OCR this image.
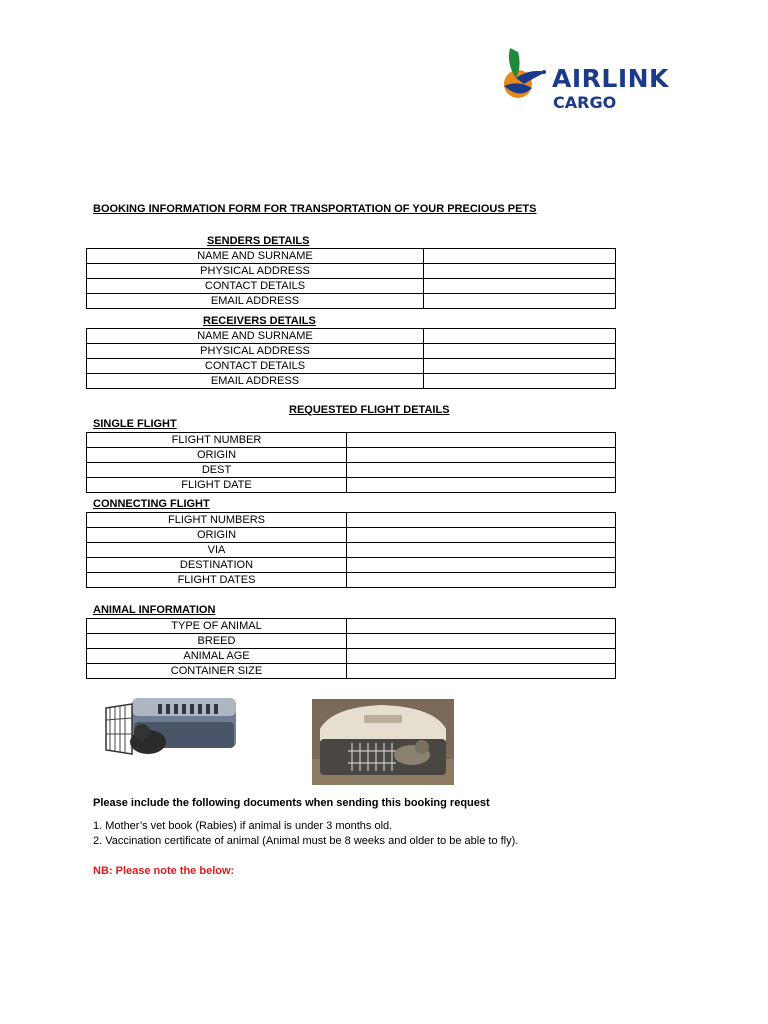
AIRLINK
CARGO
BOOKING INFORMATION FORM FOR TRANSPORTATION OF YOUR PRECIOUS PETS
SENDERS DETAILS
NAME AND SURNAME	
PHYSICAL ADDRESS	
CONTACT DETAILS	
EMAIL ADDRESS	
RECEIVERS DETAILS
NAME AND SURNAME	
PHYSICAL ADDRESS	
CONTACT DETAILS	
EMAIL ADDRESS	
REQUESTED FLIGHT DETAILS
SINGLE FLIGHT
FLIGHT NUMBER	
ORIGIN	
DEST	
FLIGHT DATE	
CONNECTING FLIGHT
FLIGHT NUMBERS	
ORIGIN	
VIA	
DESTINATION	
FLIGHT DATES	
ANIMAL INFORMATION
TYPE OF ANIMAL	
BREED	
ANIMAL AGE	
CONTAINER SIZE	
Please include the following documents when sending this booking request
1. Mother’s vet book (Rabies) if animal is under 3 months old.
2. Vaccination certificate of animal (Animal must be 8 weeks and older to be able to fly).
NB: Please note the below:
